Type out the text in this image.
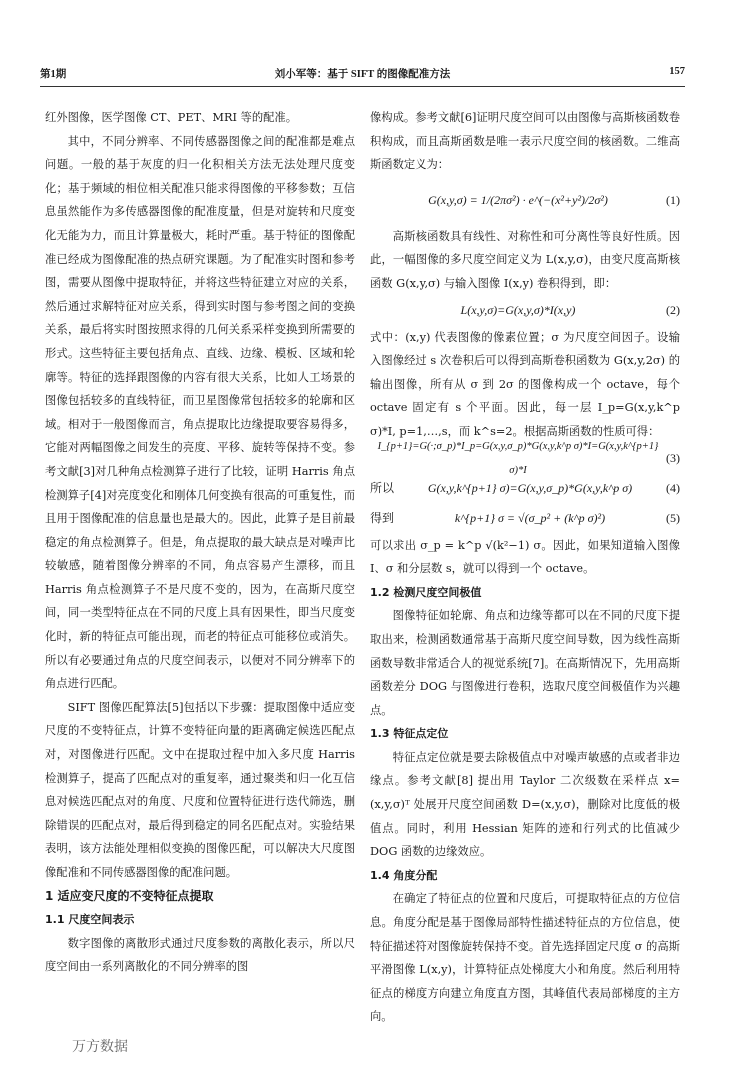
第1期	刘小军等：基于 SIFT 的图像配准方法	157

红外图像，医学图像 CT、PET、MRI 等的配准。

其中，不同分辨率、不同传感器图像之间的配准都是难点问题。一般的基于灰度的归一化积相关方法无法处理尺度变化；基于频域的相位相关配准只能求得图像的平移参数；互信息虽然能作为多传感器图像的配准度量，但是对旋转和尺度变化无能为力，而且计算量极大，耗时严重。基于特征的图像配准已经成为图像配准的热点研究课题。为了配准实时图和参考图，需要从图像中提取特征，并将这些特征建立对应的关系，然后通过求解特征对应关系，得到实时图与参考图之间的变换关系，最后将实时图按照求得的几何关系采样变换到所需要的形式。这些特征主要包括角点、直线、边缘、模板、区域和轮廓等。特征的选择跟图像的内容有很大关系，比如人工场景的图像包括较多的直线特征，而卫星图像常包括较多的轮廓和区域。相对于一般图像而言，角点提取比边缘提取要容易得多，它能对两幅图像之间发生的亮度、平移、旋转等保持不变。参考文献[3]对几种角点检测算子进行了比较，证明 Harris 角点检测算子[4]对亮度变化和刚体几何变换有很高的可重复性，而且用于图像配准的信息量也是最大的。因此，此算子是目前最稳定的角点检测算子。但是，角点提取的最大缺点是对噪声比较敏感，随着图像分辨率的不同，角点容易产生漂移，而且 Harris 角点检测算子不是尺度不变的，因为，在高斯尺度空间，同一类型特征点在不同的尺度上具有因果性，即当尺度变化时，新的特征点可能出现，而老的特征点可能移位或消失。所以有必要通过角点的尺度空间表示，以便对不同分辨率下的角点进行匹配。

SIFT 图像匹配算法[5]包括以下步骤：提取图像中适应变尺度的不变特征点，计算不变特征向量的距离确定候选匹配点对，对图像进行匹配。文中在提取过程中加入多尺度 Harris 检测算子，提高了匹配点对的重复率，通过聚类和归一化互信息对候选匹配点对的角度、尺度和位置特征进行迭代筛选，删除错误的匹配点对，最后得到稳定的同名匹配点对。实验结果表明，该方法能处理相似变换的图像匹配，可以解决大尺度图像配准和不同传感器图像的配准问题。

1 适应变尺度的不变特征点提取

1.1 尺度空间表示

数字图像的离散形式通过尺度参数的离散化表示，所以尺度空间由一系列离散化的不同分辨率的图

像构成。参考文献[6]证明尺度空间可以由图像与高斯核函数卷积构成，而且高斯函数是唯一表示尺度空间的核函数。二维高斯函数定义为：

G(x,y,σ) = 1/(2πσ²) · e^(−(x²+y²)/2σ²)	(1)

高斯核函数具有线性、对称性和可分离性等良好性质。因此，一幅图像的多尺度空间定义为 L(x,y,σ)，由变尺度高斯核函数 G(x,y,σ) 与输入图像 I(x,y) 卷积得到，即：

L(x,y,σ)=G(x,y,σ)*I(x,y)	(2)

式中：(x,y) 代表图像的像素位置；σ 为尺度空间因子。设输入图像经过 s 次卷积后可以得到高斯卷积函数为 G(x,y,2σ) 的输出图像，所有从 σ 到 2σ 的图像构成一个 octave，每个 octave 固定有 s 个平面。因此，每一层 I_p=G(x,y,k^p σ)*I, p=1,…,s，而 k^s=2。根据高斯函数的性质可得：

I_{p+1}=G(·;σ_p)*I_p=G(x,y,σ_p)*G(x,y,k^p σ)*I=G(x,y,k^{p+1} σ)*I
(3)
所以	G(x,y,k^{p+1} σ)=G(x,y,σ_p)*G(x,y,k^p σ)	(4)
得到	k^{p+1} σ = √(σ_p² + (k^p σ)²)	(5)

可以求出 σ_p = k^p √(k²−1) σ。因此，如果知道输入图像 I、σ 和分层数 s，就可以得到一个 octave。

1.2 检测尺度空间极值

图像特征如轮廓、角点和边缘等都可以在不同的尺度下提取出来，检测函数通常基于高斯尺度空间导数，因为线性高斯函数导数非常适合人的视觉系统[7]。在高斯情况下，先用高斯函数差分 DOG 与图像进行卷积，选取尺度空间极值作为兴趣点。

1.3 特征点定位

特征点定位就是要去除极值点中对噪声敏感的点或者非边缘点。参考文献[8] 提出用 Taylor 二次级数在采样点 x=(x,y,σ)ᵀ 处展开尺度空间函数 D=(x,y,σ)，删除对比度低的极值点。同时，利用 Hessian 矩阵的迹和行列式的比值减少 DOG 函数的边缘效应。

1.4 角度分配

在确定了特征点的位置和尺度后，可提取特征点的方位信息。角度分配是基于图像局部特性描述特征点的方位信息，使特征描述符对图像旋转保持不变。首先选择固定尺度 σ 的高斯平滑图像 L(x,y)，计算特征点处梯度大小和角度。然后利用特征点的梯度方向建立角度直方图，其峰值代表局部梯度的主方向。

万方数据
